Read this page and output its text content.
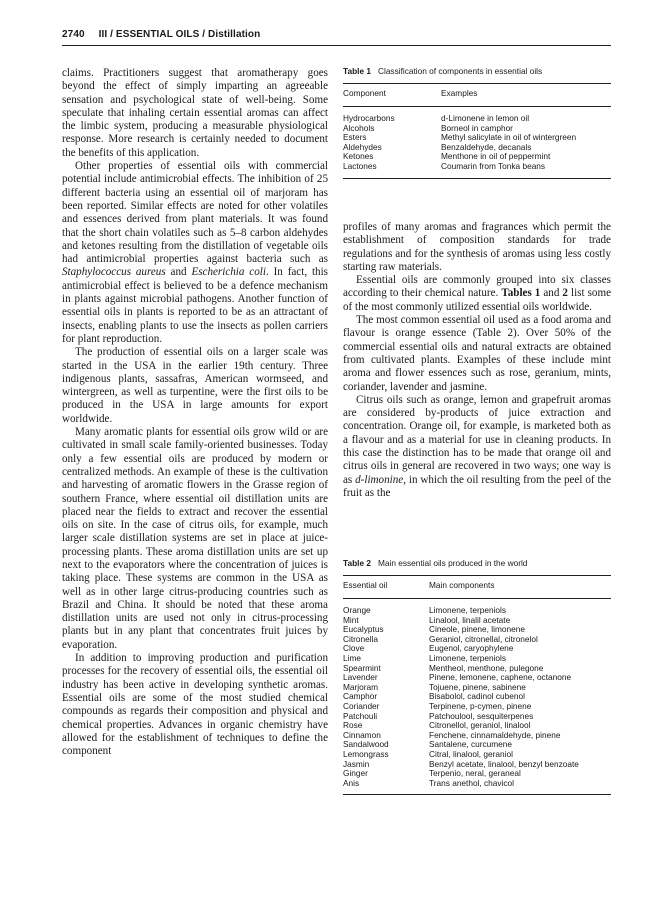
2740 III / ESSENTIAL OILS / Distillation

claims. Practitioners suggest that aromatherapy goes beyond the effect of simply imparting an agreeable sensation and psychological state of well-being. Some speculate that inhaling certain essential aromas can affect the limbic system, producing a measurable physiological response. More research is certainly needed to document the benefits of this application.

Other properties of essential oils with commercial potential include antimicrobial effects. The inhibition of 25 different bacteria using an essential oil of marjoram has been reported. Similar effects are noted for other volatiles and essences derived from plant materials. It was found that the short chain volatiles such as 5–8 carbon aldehydes and ketones resulting from the distillation of vegetable oils had antimicrobial properties against bacteria such as Staphylococcus aureus and Escherichia coli. In fact, this antimicrobial effect is believed to be a defence mechanism in plants against microbial pathogens. Another function of essential oils in plants is reported to be as an attractant of insects, enabling plants to use the insects as pollen carriers for plant reproduction.

The production of essential oils on a larger scale was started in the USA in the earlier 19th century. Three indigenous plants, sassafras, American wormseed, and wintergreen, as well as turpentine, were the first oils to be produced in the USA in large amounts for export worldwide.

Many aromatic plants for essential oils grow wild or are cultivated in small scale family-oriented businesses. Today only a few essential oils are produced by modern or centralized methods. An example of these is the cultivation and harvesting of aromatic flowers in the Grasse region of southern France, where essential oil distillation units are placed near the fields to extract and recover the essential oils on site. In the case of citrus oils, for example, much larger scale distillation systems are set in place at juice-processing plants. These aroma distillation units are set up next to the evaporators where the concentration of juices is taking place. These systems are common in the USA as well as in other large citrus-producing countries such as Brazil and China. It should be noted that these aroma distillation units are used not only in citrus-processing plants but in any plant that concentrates fruit juices by evaporation.

In addition to improving production and purification processes for the recovery of essential oils, the essential oil industry has been active in developing synthetic aromas. Essential oils are some of the most studied chemical compounds as regards their composition and physical and chemical properties. Advances in organic chemistry have allowed for the establishment of techniques to define the component

Table 1 Classification of components in essential oils
Component	Examples
Hydrocarbons	d-Limonene in lemon oil
Alcohols	Borneol in camphor
Esters	Methyl salicylate in oil of wintergreen
Aldehydes	Benzaldehyde, decanals
Ketones	Menthone in oil of peppermint
Lactones	Coumarin from Tonka beans

profiles of many aromas and fragrances which permit the establishment of composition standards for trade regulations and for the synthesis of aromas using less costly starting raw materials.

Essential oils are commonly grouped into six classes according to their chemical nature. Tables 1 and 2 list some of the most commonly utilized essential oils worldwide.

The most common essential oil used as a food aroma and flavour is orange essence (Table 2). Over 50% of the commercial essential oils and natural extracts are obtained from cultivated plants. Examples of these include mint aroma and flower essences such as rose, geranium, mints, coriander, lavender and jasmine.

Citrus oils such as orange, lemon and grapefruit aromas are considered by-products of juice extraction and concentration. Orange oil, for example, is marketed both as a flavour and as a material for use in cleaning products. In this case the distinction has to be made that orange oil and citrus oils in general are recovered in two ways; one way is as d-limonine, in which the oil resulting from the peel of the fruit as the

Table 2 Main essential oils produced in the world
Essential oil	Main components
Orange	Limonene, terpeniols
Mint	Linalool, linalil acetate
Eucalyptus	Cineole, pinene, limonene
Citronella	Geraniol, citronellal, citronelol
Clove	Eugenol, caryophylene
Lime	Limonene, terpeniols
Spearmint	Mentheol, menthone, pulegone
Lavender	Pinene, lemonene, caphene, octanone
Marjoram	Tojuene, pinene, sabinene
Camphor	Bisabolol, cadinol cubenol
Coriander	Terpinene, p-cymen, pinene
Patchouli	Patchoulool, sesquiterpenes
Rose	Citronellol, geraniol, linalool
Cinnamon	Fenchene, cinnamaldehyde, pinene
Sandalwood	Santalene, curcumene
Lemongrass	Citral, linalool, geraniol
Jasmin	Benzyl acetate, linalool, benzyl benzoate
Ginger	Terpenio, neral, geraneal
Anis	Trans anethol, chavicol
